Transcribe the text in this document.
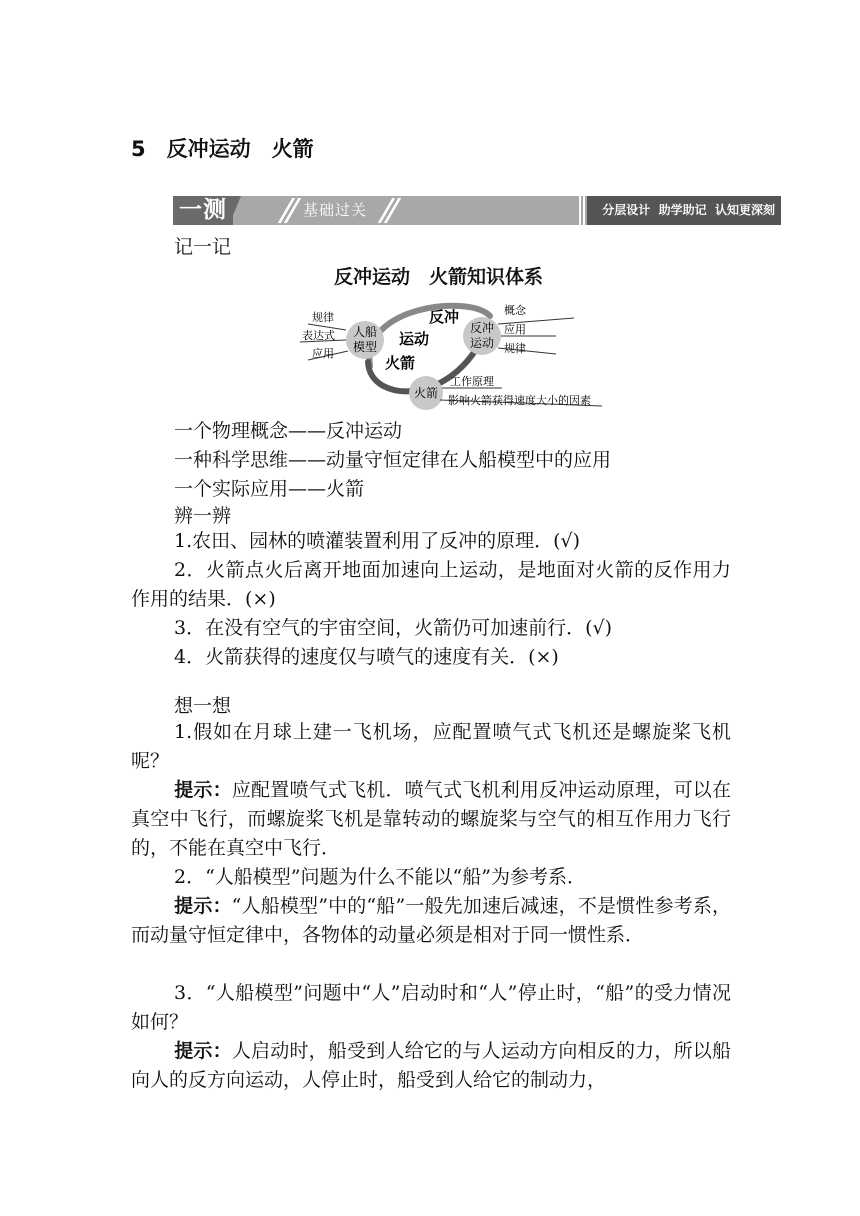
5　反冲运动　火箭
一测	基础过关	分层设计  助学助记  认知更深刻
记一记
反冲运动　火箭知识体系
人船
模型
规律
表达式
应用
反冲
运动
火箭
反冲
运动
概念
应用
规律
火箭
工作原理
影响火箭获得速度大小的因素
一个物理概念——反冲运动
一种科学思维——动量守恒定律在人船模型中的应用
一个实际应用——火箭
辨一辨
1.农田、园林的喷灌装置利用了反冲的原理．(√)
2．火箭点火后离开地面加速向上运动，是地面对火箭的反作用力作用的结果．(×)
3．在没有空气的宇宙空间，火箭仍可加速前行．(√)
4．火箭获得的速度仅与喷气的速度有关．(×)
想一想
1.假如在月球上建一飞机场，应配置喷气式飞机还是螺旋桨飞机呢？
提示：应配置喷气式飞机．喷气式飞机利用反冲运动原理，可以在真空中飞行，而螺旋桨飞机是靠转动的螺旋桨与空气的相互作用力飞行的，不能在真空中飞行．
2．“人船模型”问题为什么不能以“船”为参考系．
提示：“人船模型”中的“船”一般先加速后减速，不是惯性参考系，而动量守恒定律中，各物体的动量必须是相对于同一惯性系．
3．“人船模型”问题中“人”启动时和“人”停止时，“船”的受力情况如何？
提示：人启动时，船受到人给它的与人运动方向相反的力，所以船向人的反方向运动，人停止时，船受到人给它的制动力，
